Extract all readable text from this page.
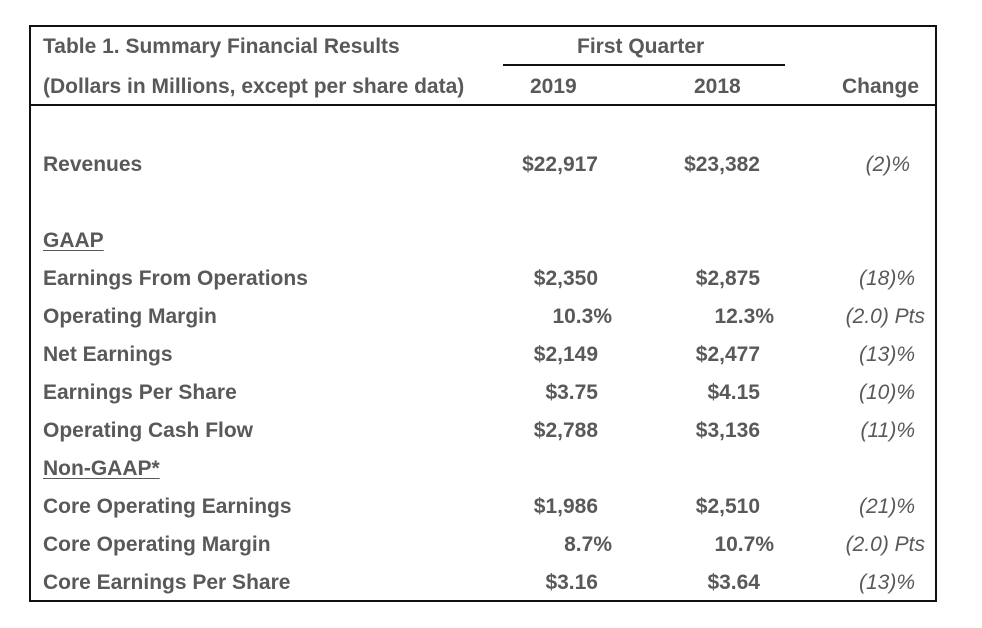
Table 1. Summary Financial Results
(Dollars in Millions, except per share data)
First Quarter
2019	2018	Change
Revenues	$22,917	$23,382	(2)%
GAAP
Earnings From Operations	$2,350	$2,875	(18)%
Operating Margin	10.3%	12.3%	(2.0) Pts
Net Earnings	$2,149	$2,477	(13)%
Earnings Per Share	$3.75	$4.15	(10)%
Operating Cash Flow	$2,788	$3,136	(11)%
Non-GAAP*
Core Operating Earnings	$1,986	$2,510	(21)%
Core Operating Margin	8.7%	10.7%	(2.0) Pts
Core Earnings Per Share	$3.16	$3.64	(13)%
